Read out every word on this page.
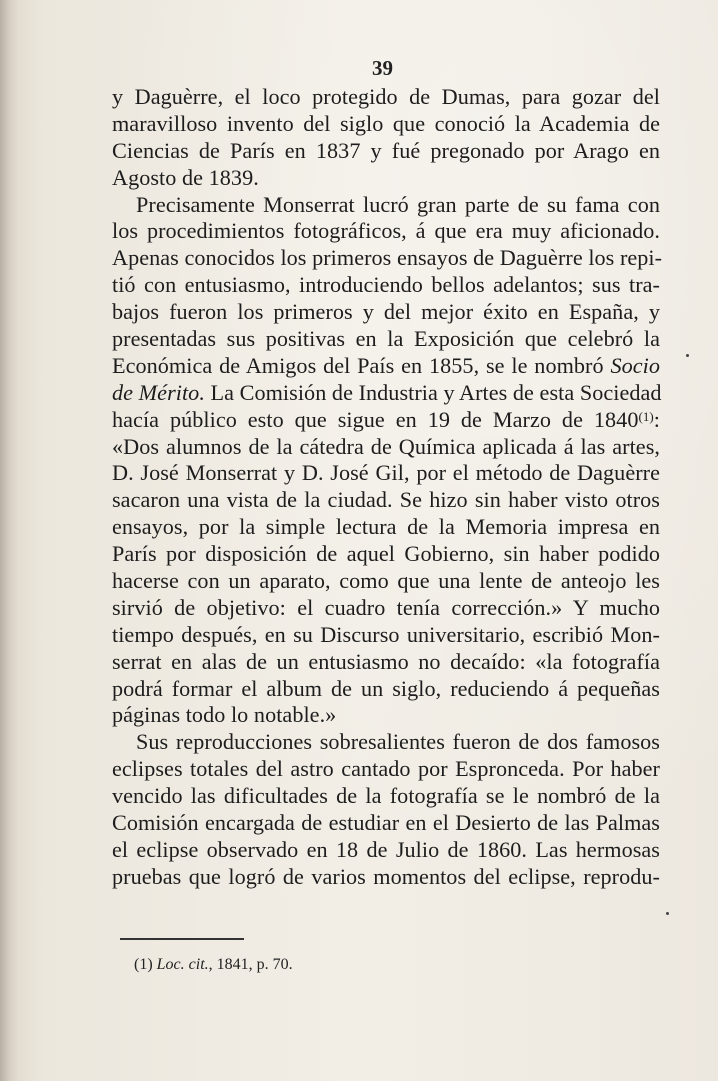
39
y Daguèrre, el loco protegido de Dumas, para gozar del
maravilloso invento del siglo que conoció la Academia de
Ciencias de París en 1837 y fué pregonado por Arago en
Agosto de 1839.
Precisamente Monserrat lucró gran parte de su fama con
los procedimientos fotográficos, á que era muy aficionado.
Apenas conocidos los primeros ensayos de Daguèrre los repi-
tió con entusiasmo, introduciendo bellos adelantos; sus tra-
bajos fueron los primeros y del mejor éxito en España, y
presentadas sus positivas en la Exposición que celebró la
Económica de Amigos del País en 1855, se le nombró Socio
de Mérito. La Comisión de Industria y Artes de esta Sociedad
hacía público esto que sigue en 19 de Marzo de 1840$^{(1)}$:
«Dos alumnos de la cátedra de Química aplicada á las artes,
D. José Monserrat y D. José Gil, por el método de Daguèrre
sacaron una vista de la ciudad. Se hizo sin haber visto otros
ensayos, por la simple lectura de la Memoria impresa en
París por disposición de aquel Gobierno, sin haber podido
hacerse con un aparato, como que una lente de anteojo les
sirvió de objetivo: el cuadro tenía corrección.» Y mucho
tiempo después, en su Discurso universitario, escribió Mon-
serrat en alas de un entusiasmo no decaído: «la fotografía
podrá formar el album de un siglo, reduciendo á pequeñas
páginas todo lo notable.»
Sus reproducciones sobresalientes fueron de dos famosos
eclipses totales del astro cantado por Espronceda. Por haber
vencido las dificultades de la fotografía se le nombró de la
Comisión encargada de estudiar en el Desierto de las Palmas
el eclipse observado en 18 de Julio de 1860. Las hermosas
pruebas que logró de varios momentos del eclipse, reprodu-
(1) Loc. cit., 1841, p. 70.
